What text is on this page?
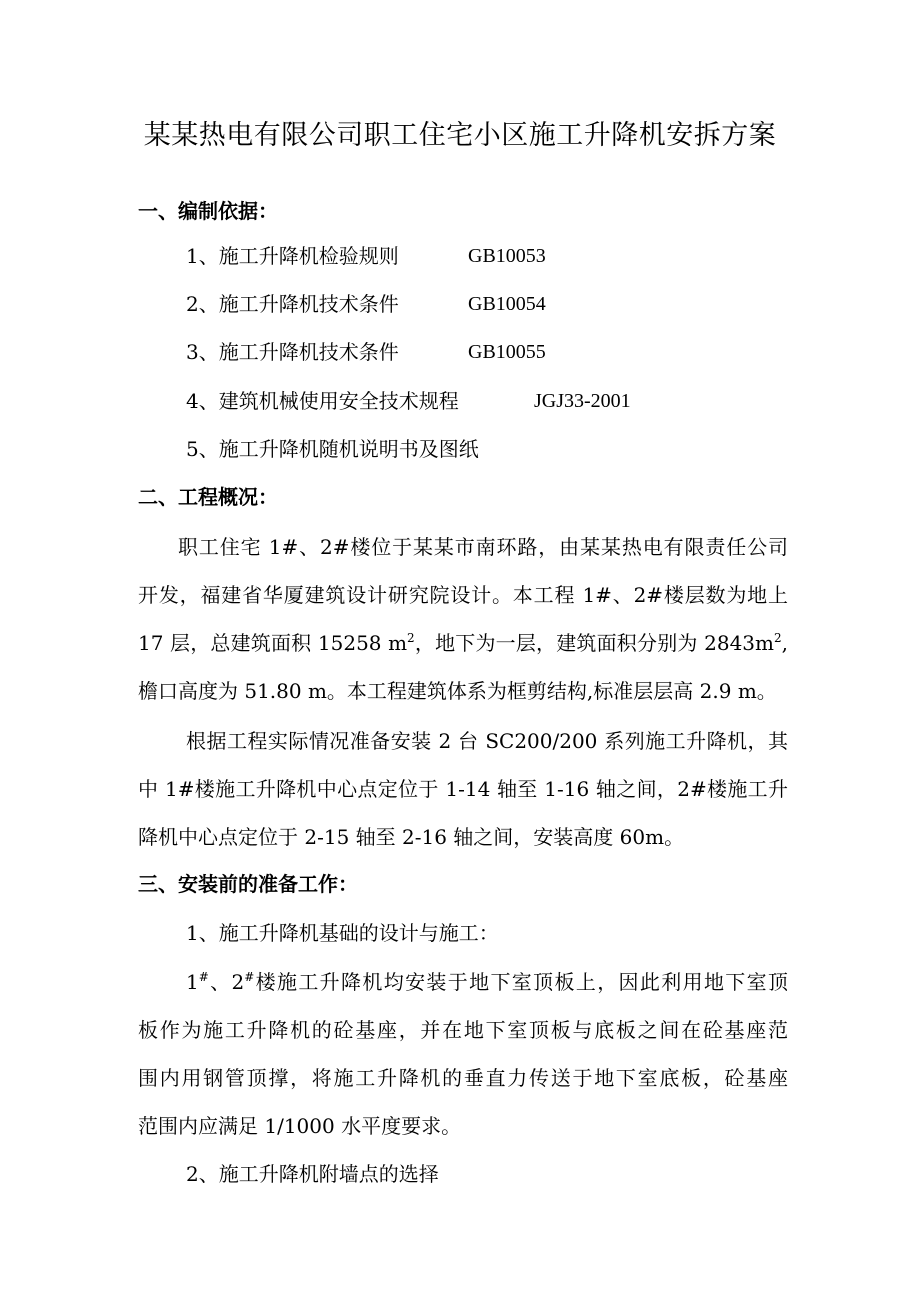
某某热电有限公司职工住宅小区施工升降机安拆方案
一、编制依据：
1、施工升降机检验规则	GB10053
2、施工升降机技术条件	GB10054
3、施工升降机技术条件	GB10055
4、建筑机械使用安全技术规程	JGJ33-2001
5、施工升降机随机说明书及图纸
二、工程概况：
职工住宅 1#、2#楼位于某某市南环路，由某某热电有限责任公司
开发，福建省华厦建筑设计研究院设计。本工程 1#、2#楼层数为地上
17 层，总建筑面积 15258 $m^2$，地下为一层，建筑面积分别为 $2843m^2$,
檐口高度为 51.80 m。本工程建筑体系为框剪结构,标准层层高 2.9 m。
根据工程实际情况准备安装 2 台 SC200/200 系列施工升降机，其
中 1#楼施工升降机中心点定位于 1-14 轴至 1-16 轴之间，2#楼施工升
降机中心点定位于 2-15 轴至 2-16 轴之间，安装高度 60m。
三、安装前的准备工作：
1、施工升降机基础的设计与施工：
1#、2#楼施工升降机均安装于地下室顶板上，因此利用地下室顶
板作为施工升降机的砼基座，并在地下室顶板与底板之间在砼基座范
围内用钢管顶撑，将施工升降机的垂直力传送于地下室底板，砼基座
范围内应满足 1/1000 水平度要求。
2、施工升降机附墙点的选择
